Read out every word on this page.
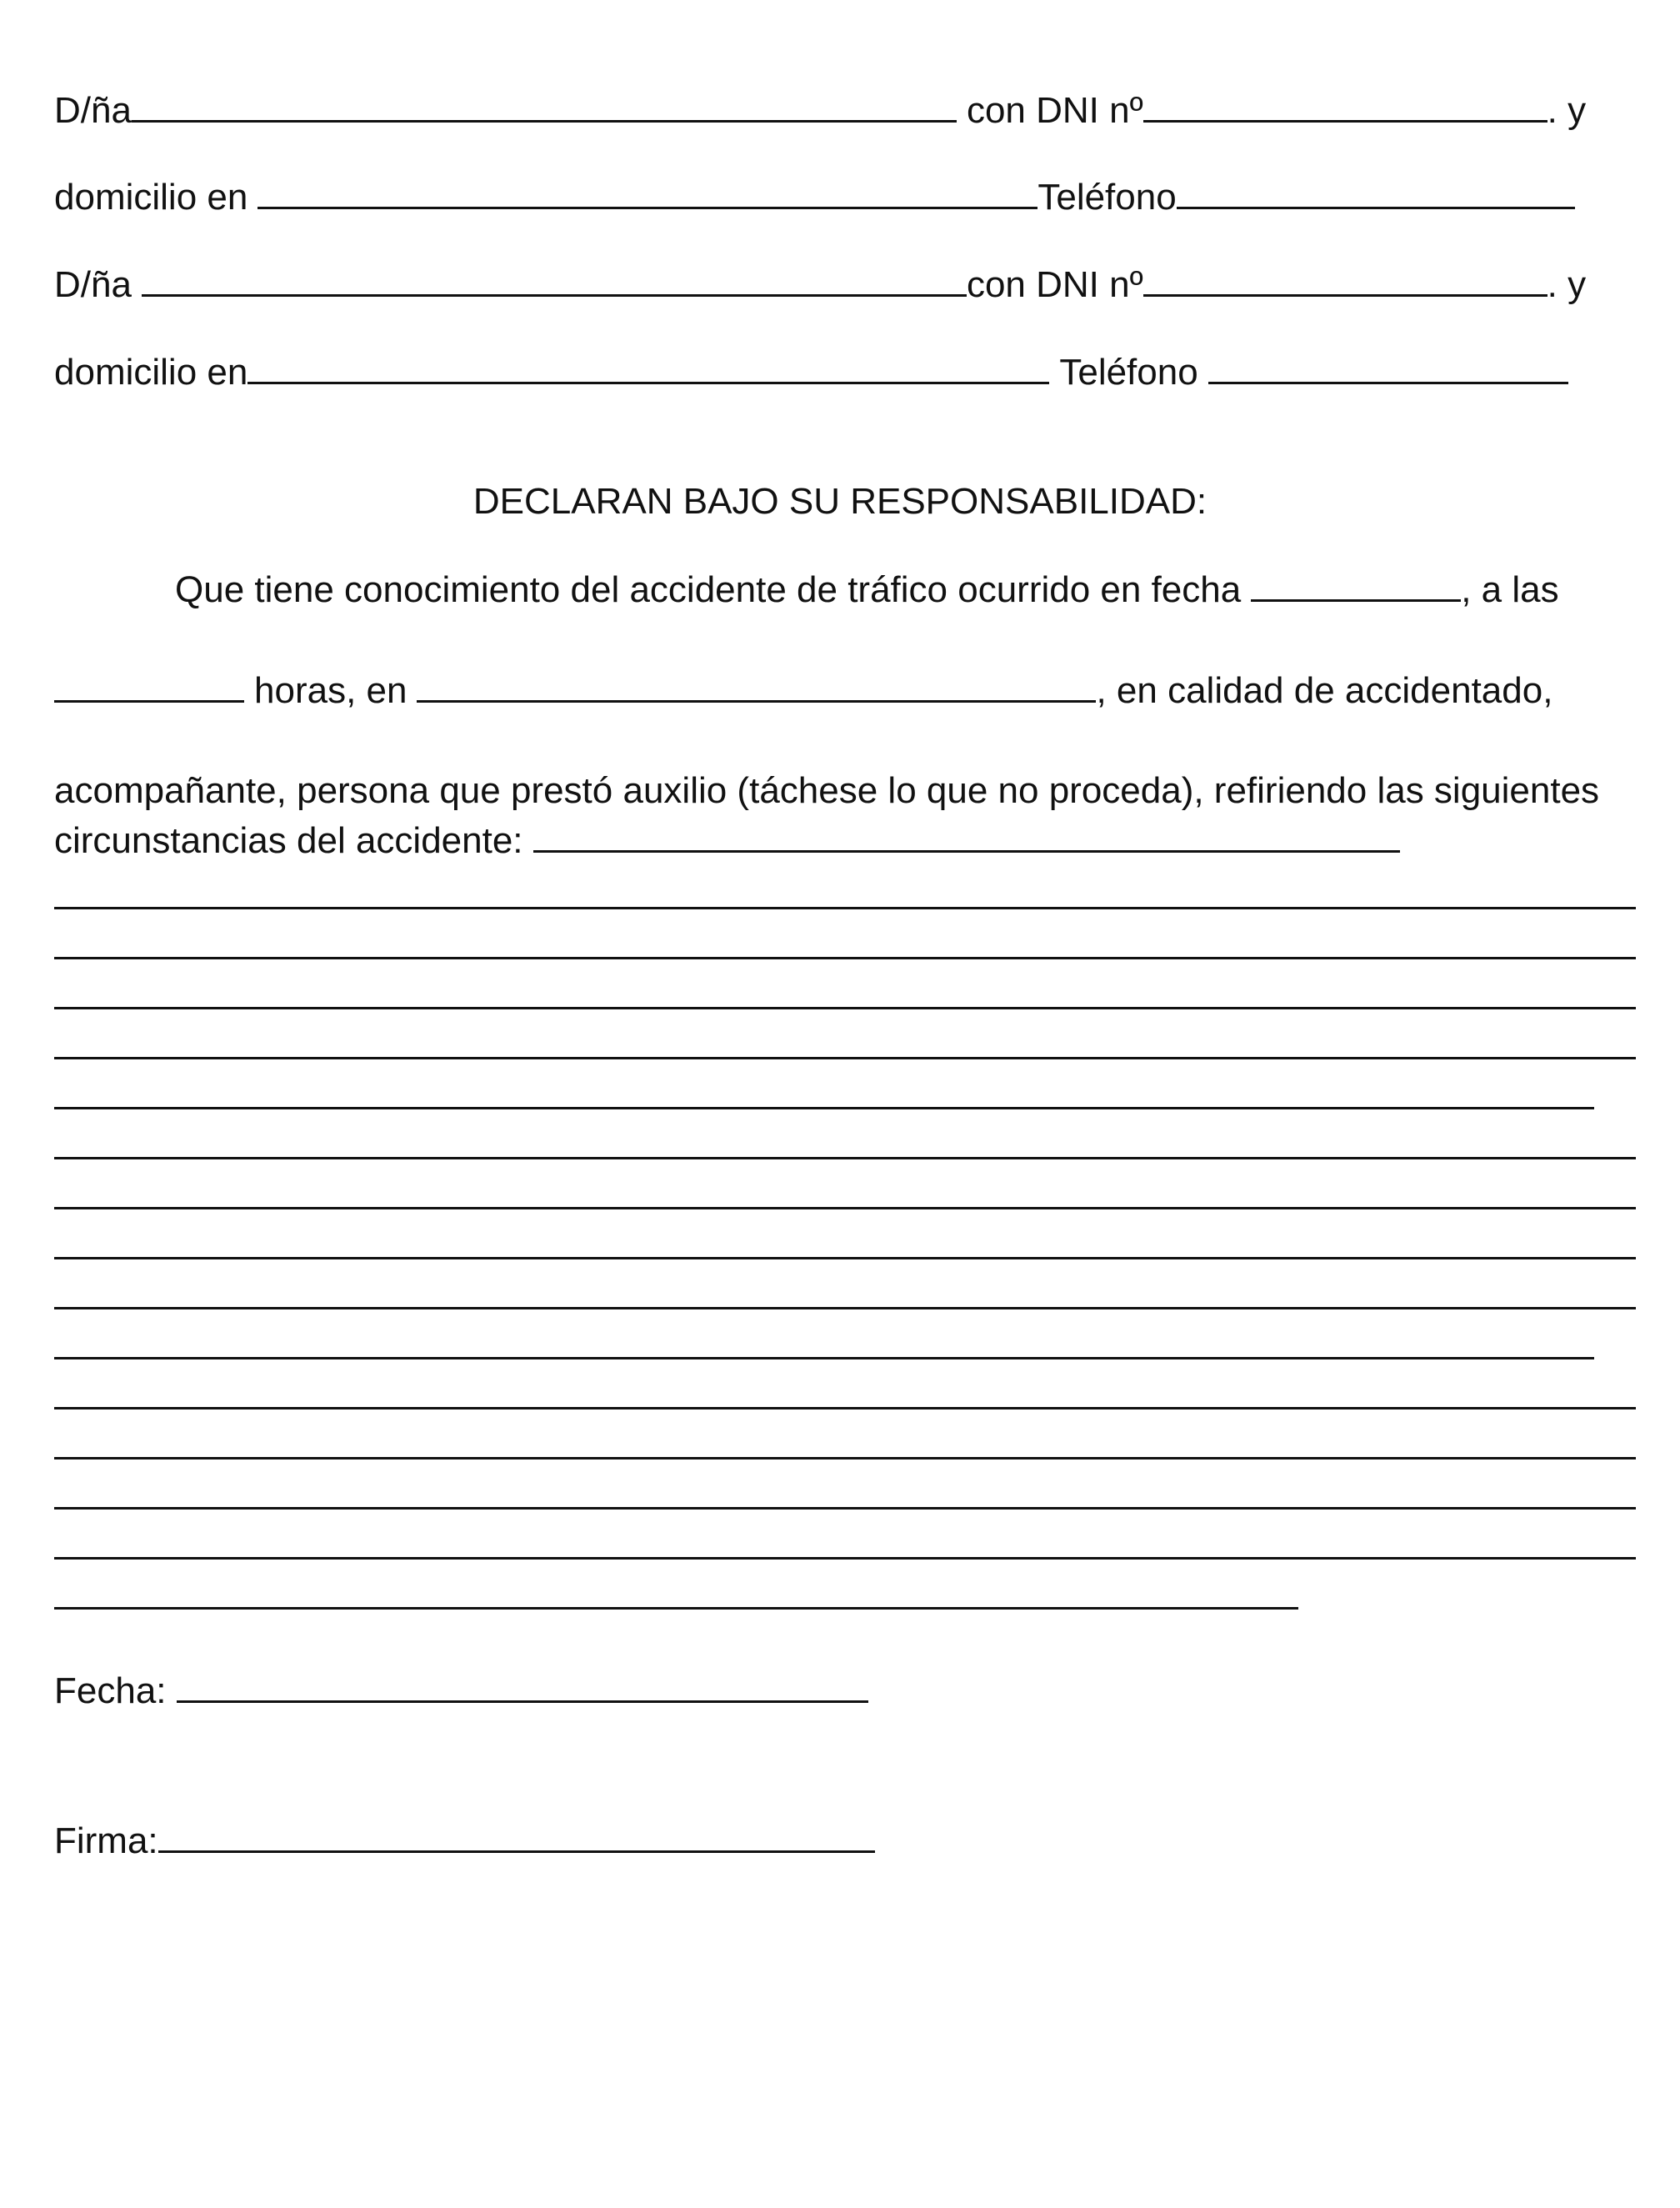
D/ña	con DNI nº	. y
domicilio en	Teléfono
D/ña	con DNI nº	. y
domicilio en	Teléfono
DECLARAN BAJO SU RESPONSABILIDAD:
Que tiene conocimiento del accidente de tráfico ocurrido en fecha	, a las
horas, en	, en calidad de accidentado,
acompañante, persona que prestó auxilio (táchese lo que no proceda), refiriendo las siguientes
circunstancias del accidente:
Fecha:
Firma:
